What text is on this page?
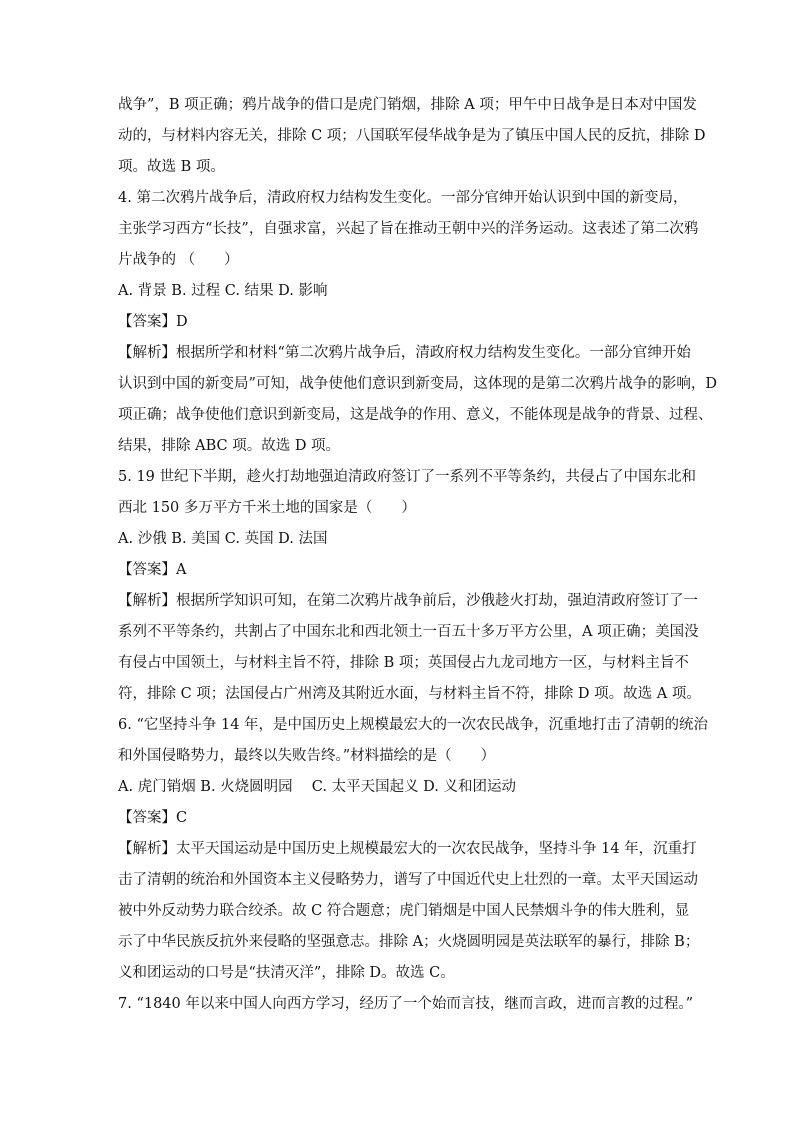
战争”，B 项正确；鸦片战争的借口是虎门销烟，排除 A 项；甲午中日战争是日本对中国发
动的，与材料内容无关，排除 C 项；八国联军侵华战争是为了镇压中国人民的反抗，排除 D
项。故选 B 项。
4. 第二次鸦片战争后，清政府权力结构发生变化。一部分官绅开始认识到中国的新变局，
主张学习西方“长技”，自强求富，兴起了旨在推动王朝中兴的洋务运动。这表述了第二次鸦
片战争的 （　　）
A. 背景 B. 过程 C. 结果 D. 影响
【答案】D
【解析】根据所学和材料“第二次鸦片战争后，清政府权力结构发生变化。一部分官绅开始
认识到中国的新变局”可知，战争使他们意识到新变局，这体现的是第二次鸦片战争的影响，D
项正确；战争使他们意识到新变局，这是战争的作用、意义，不能体现是战争的背景、过程、
结果，排除 ABC 项。故选 D 项。
5. 19 世纪下半期，趁火打劫地强迫清政府签订了一系列不平等条约，共侵占了中国东北和
西北 150 多万平方千米土地的国家是（　　）
A. 沙俄 B. 美国 C. 英国 D. 法国
【答案】A
【解析】根据所学知识可知，在第二次鸦片战争前后，沙俄趁火打劫，强迫清政府签订了一
系列不平等条约，共割占了中国东北和西北领土一百五十多万平方公里，A 项正确；美国没
有侵占中国领土，与材料主旨不符，排除 B 项；英国侵占九龙司地方一区，与材料主旨不
符，排除 C 项；法国侵占广州湾及其附近水面，与材料主旨不符，排除 D 项。故选 A 项。
6. “它坚持斗争 14 年，是中国历史上规模最宏大的一次农民战争，沉重地打击了清朝的统治
和外国侵略势力，最终以失败告终。”材料描绘的是（　　）
A. 虎门销烟 B. 火烧圆明园　 C. 太平天国起义 D. 义和团运动
【答案】C
【解析】太平天国运动是中国历史上规模最宏大的一次农民战争，坚持斗争 14 年，沉重打
击了清朝的统治和外国资本主义侵略势力，谱写了中国近代史上壮烈的一章。太平天国运动
被中外反动势力联合绞杀。故 C 符合题意；虎门销烟是中国人民禁烟斗争的伟大胜利，显
示了中华民族反抗外来侵略的坚强意志。排除 A；火烧圆明园是英法联军的暴行，排除 B；
义和团运动的口号是“扶清灭洋”，排除 D。故选 C。
7. “1840 年以来中国人向西方学习，经历了一个始而言技，继而言政，进而言教的过程。”
